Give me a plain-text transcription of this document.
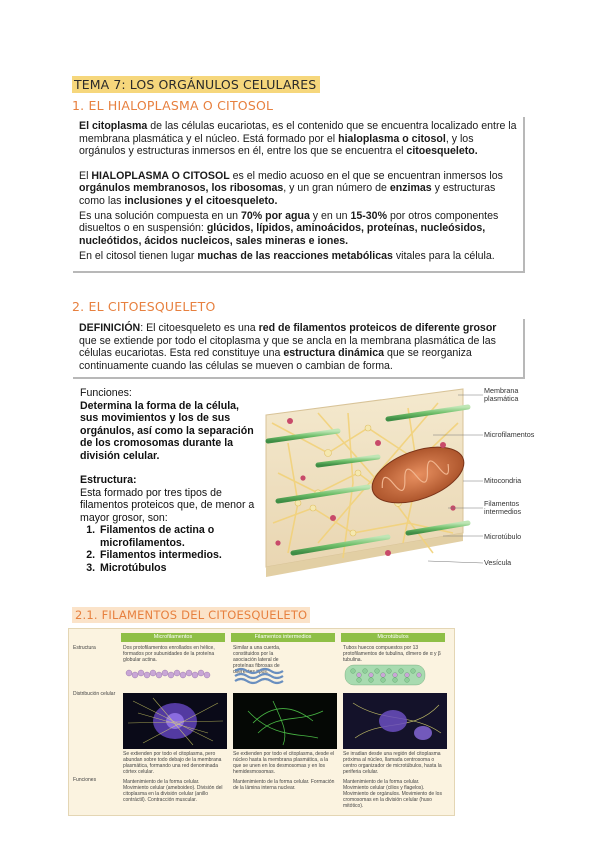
TEMA 7: LOS ORGÁNULOS CELULARES
1. EL HIALOPLASMA O CITOSOL

El citoplasma de las células eucariotas, es el contenido que se encuentra localizado entre la membrana plasmática y el núcleo. Está formado por el hialoplasma o citosol, y los orgánulos y estructuras inmersos en él, entre los que se encuentra el citoesqueleto.

El HIALOPLASMA O CITOSOL es el medio acuoso en el que se encuentran inmersos los orgánulos membranosos, los ribosomas, y un gran número de enzimas y estructuras como las inclusiones y el citoesqueleto.

Es una solución compuesta en un 70% por agua y en un 15-30% por otros componentes disueltos o en suspensión: glúcidos, lípidos, aminoácidos, proteínas, nucleósidos, nucleótidos, ácidos nucleicos, sales mineras e iones.

En el citosol tienen lugar muchas de las reacciones metabólicas vitales para la célula.

2. EL CITOESQUELETO

DEFINICIÓN: El citoesqueleto es una red de filamentos proteicos de diferente grosor que se extiende por todo el citoplasma y que se ancla en la membrana plasmática de las células eucariotas. Esta red constituye una estructura dinámica que se reorganiza continuamente cuando las células se mueven o cambian de forma.

Funciones:
Determina la forma de la célula, sus movimientos y los de sus orgánulos, así como la separación de los cromosomas durante la división celular.
Estructura:
Esta formado por tres tipos de filamentos proteicos que, de menor a mayor grosor, son:
1. Filamentos de actina o microfilamentos.
2. Filamentos intermedios.
3. Microtúbulos
Membrana plasmática
Microfilamentos
Mitocondria
Filamentos intermedios
Microtúbulo
Vesícula
2.1. FILAMENTOS DEL CITOESQUELETO
Microfilamentos	Filamentos intermedios	Microtúbulos
Estructura
Distribución celular
Funciones
Dos protofilamentos enrollados en hélice, formados por subunidades de la proteína globular actina.
Similar a una cuerda, constituidos por la asociación lateral de proteínas fibrosas de diferentes tipos.
Tubos huecos compuestos por 13 protofilamentos de tubulina, dímero de α y β tubulina.
Se extienden por todo el citoplasma, pero abundan sobre todo debajo de la membrana plasmática, formando una red denominada córtex celular.
Se extienden por todo el citoplasma, desde el núcleo hasta la membrana plasmática, a la que se unen en los desmosomas y en los hemidesmosomas.
Se irradian desde una región del citoplasma próxima al núcleo, llamada centrosoma o centro organizador de microtúbulos, hasta la periferia celular.
Mantenimiento de la forma celular. Movimiento celular (ameboideo). División del citoplasma en la división celular (anillo contráctil). Contracción muscular.
Mantenimiento de la forma celular. Formación de la lámina interna nuclear.
Mantenimiento de la forma celular. Movimiento celular (cilios y flagelos). Movimiento de orgánulos. Movimiento de los cromosomas en la división celular (huso mitótico).
